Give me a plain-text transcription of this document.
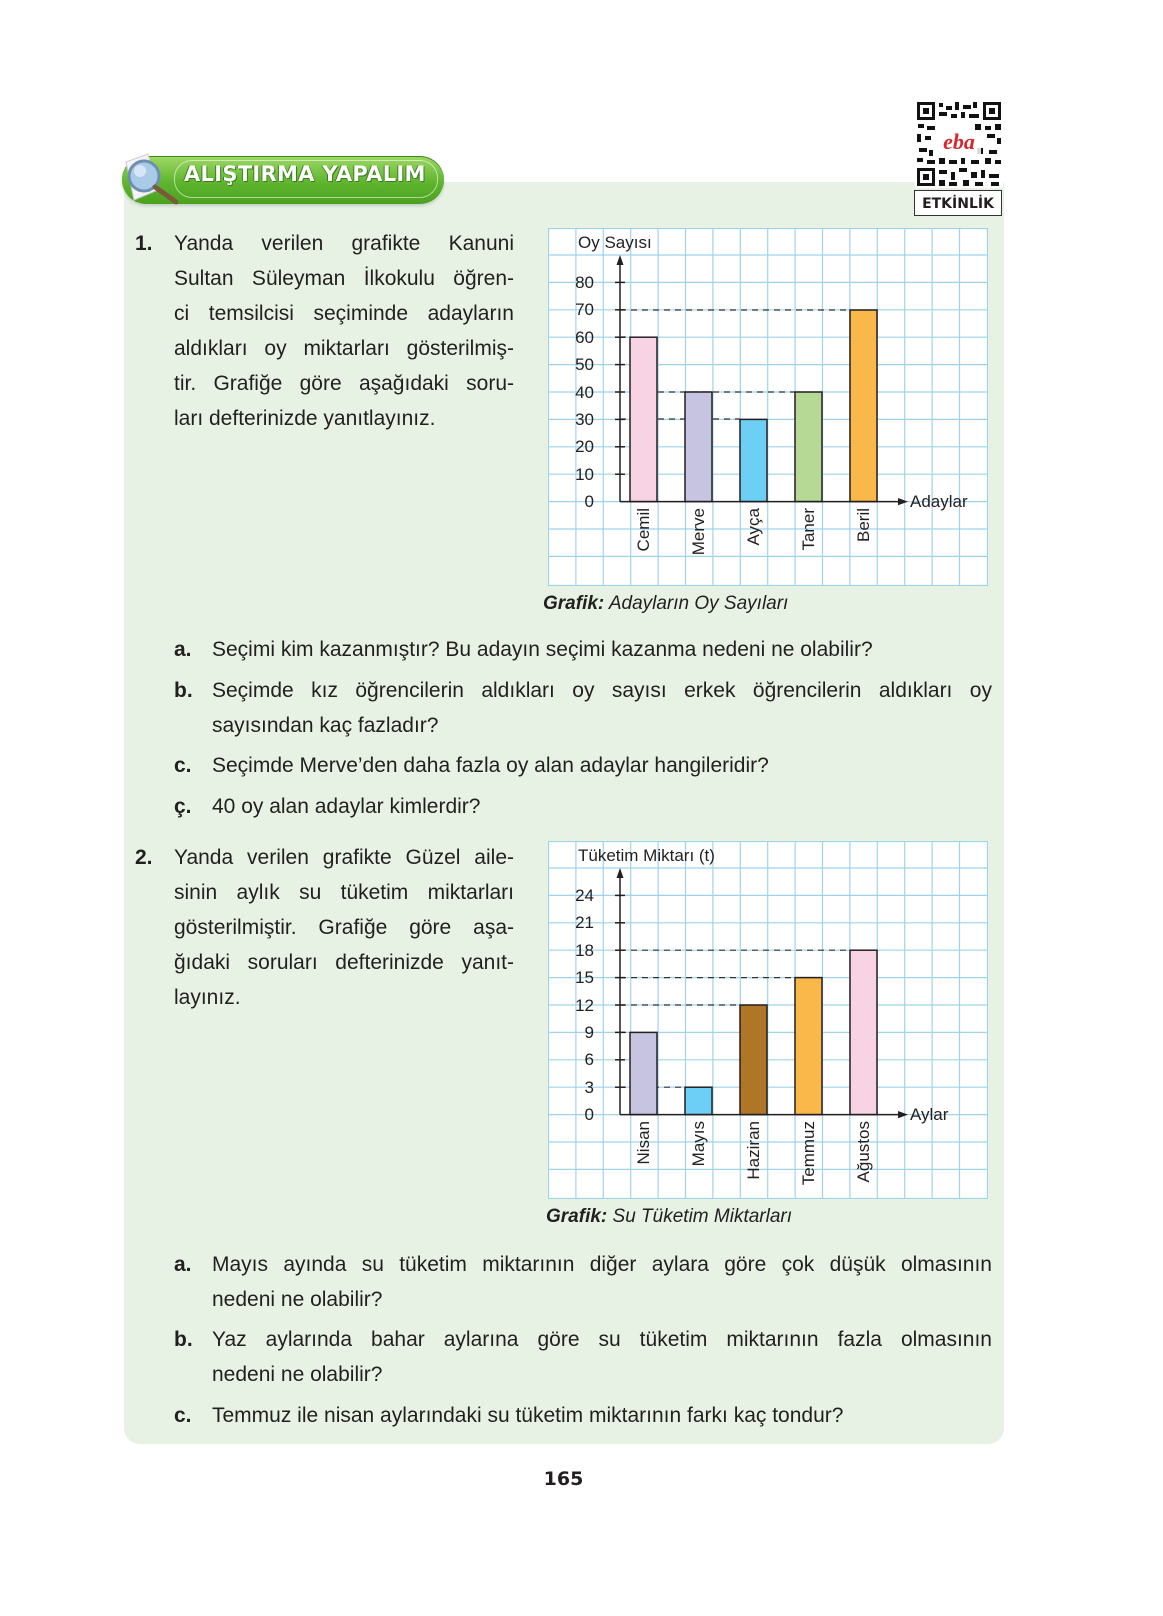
ALIŞTIRMA YAPALIM
eba
ETKİNLİK
1. Yanda verilen grafikte Kanuni
Sultan Süleyman İlkokulu öğren-
ci temsilcisi seçiminde adayların
aldıkları oy miktarları gösterilmiş-
tir. Grafiğe göre aşağıdaki soru-
ları defterinizde yanıtlayınız.
80
70
60
50
40
30
20
10
0
Oy Sayısı
Adaylar
Cemil Merve Ayça Taner Beril
Grafik: Adayların Oy Sayıları
a. Seçimi kim kazanmıştır? Bu adayın seçimi kazanma nedeni ne olabilir?
b. Seçimde kız öğrencilerin aldıkları oy sayısı erkek öğrencilerin aldıkları oy
sayısından kaç fazladır?
c. Seçimde Merve’den daha fazla oy alan adaylar hangileridir?
ç. 40 oy alan adaylar kimlerdir?
2. Yanda verilen grafikte Güzel aile-
sinin aylık su tüketim miktarları
gösterilmiştir. Grafiğe göre aşa-
ğıdaki soruları defterinizde yanıt-
layınız.
24
21
18
15
12
9
6
3
0
Tüketim Miktarı (t)
Aylar
Nisan Mayıs Haziran Temmuz Ağustos
Grafik: Su Tüketim Miktarları
a. Mayıs ayında su tüketim miktarının diğer aylara göre çok düşük olmasının
nedeni ne olabilir?
b. Yaz aylarında bahar aylarına göre su tüketim miktarının fazla olmasının
nedeni ne olabilir?
c. Temmuz ile nisan aylarındaki su tüketim miktarının farkı kaç tondur?
165
